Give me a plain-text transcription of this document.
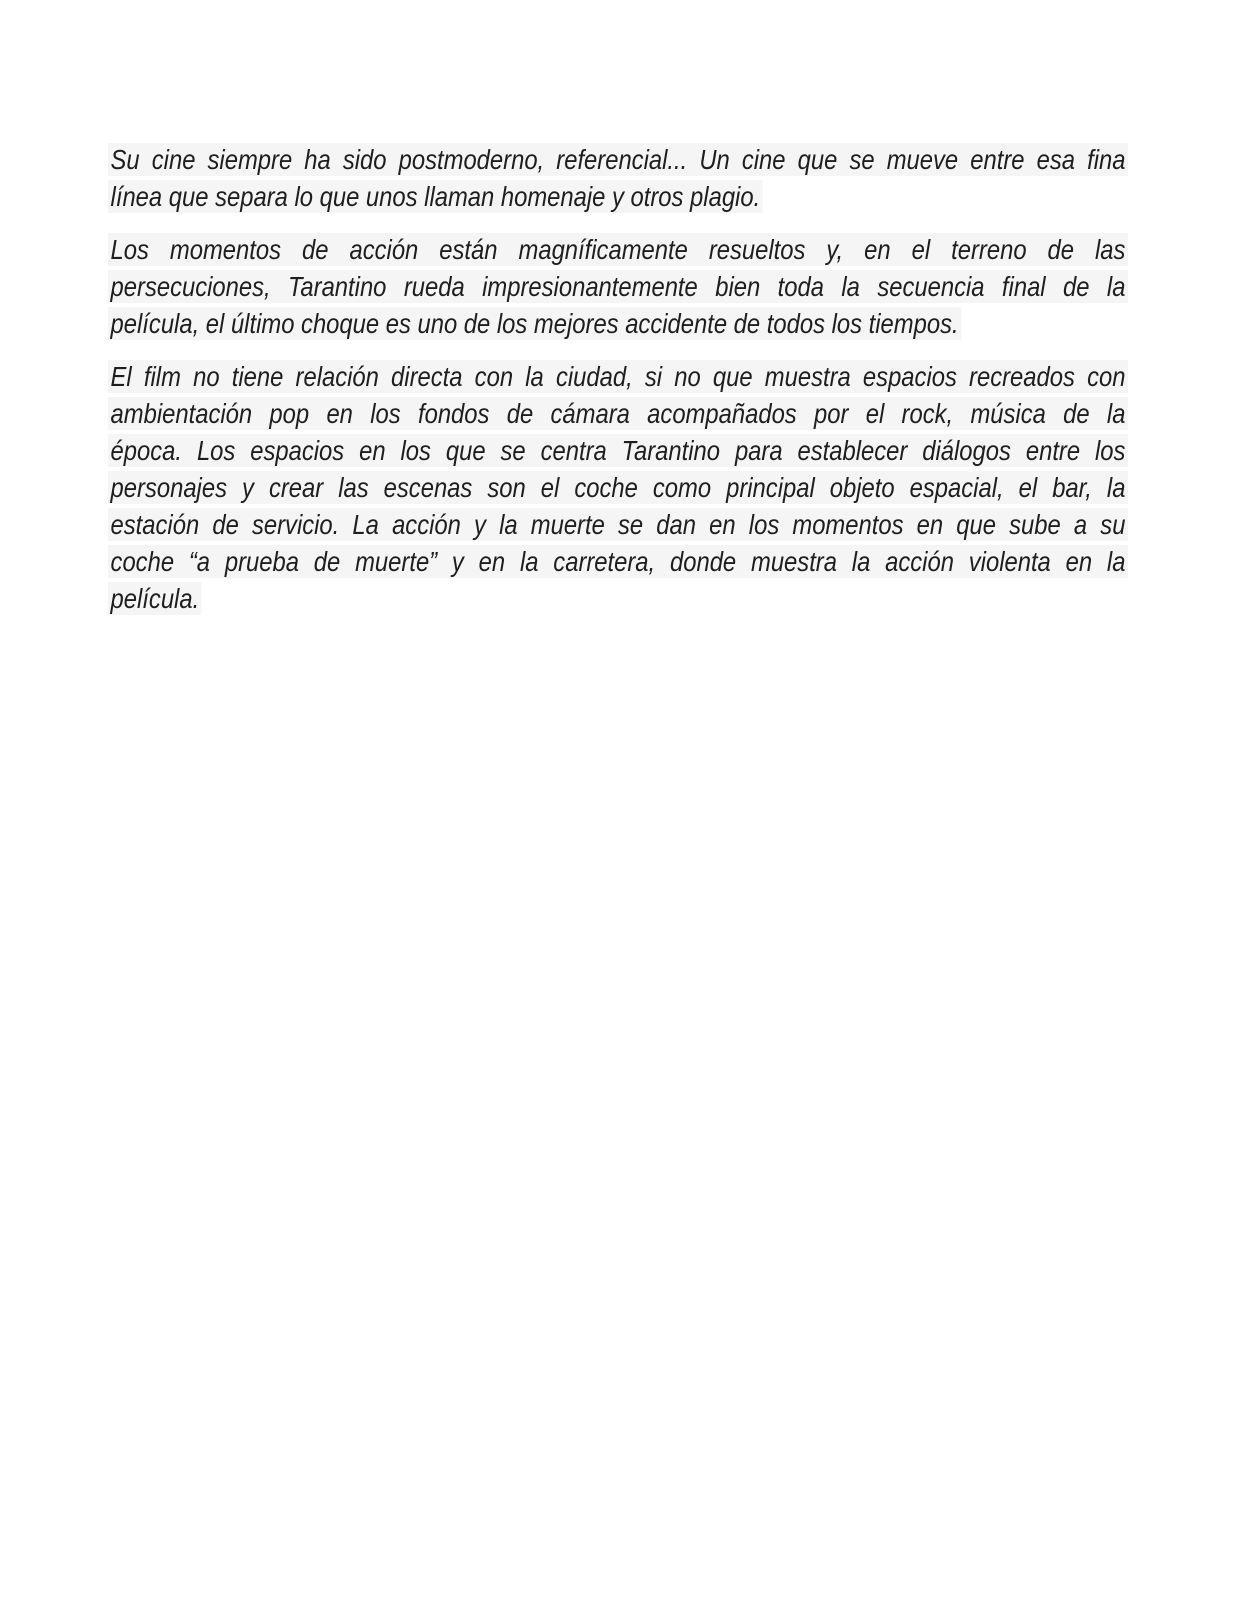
Su cine siempre ha sido postmoderno, referencial... Un cine que se mueve entre esa fina
línea que separa lo que unos llaman homenaje y otros plagio.
Los momentos de acción están magníficamente resueltos y, en el terreno de las
persecuciones, Tarantino rueda impresionantemente bien toda la secuencia final de la
película, el último choque es uno de los mejores accidente de todos los tiempos.
El film no tiene relación directa con la ciudad, si no que muestra espacios recreados con
ambientación pop en los fondos de cámara acompañados por el rock, música de la
época. Los espacios en los que se centra Tarantino para establecer diálogos entre los
personajes y crear las escenas son el coche como principal objeto espacial, el bar, la
estación de servicio. La acción y la muerte se dan en los momentos en que sube a su
coche “a prueba de muerte” y en la carretera, donde muestra la acción violenta en la
película.
